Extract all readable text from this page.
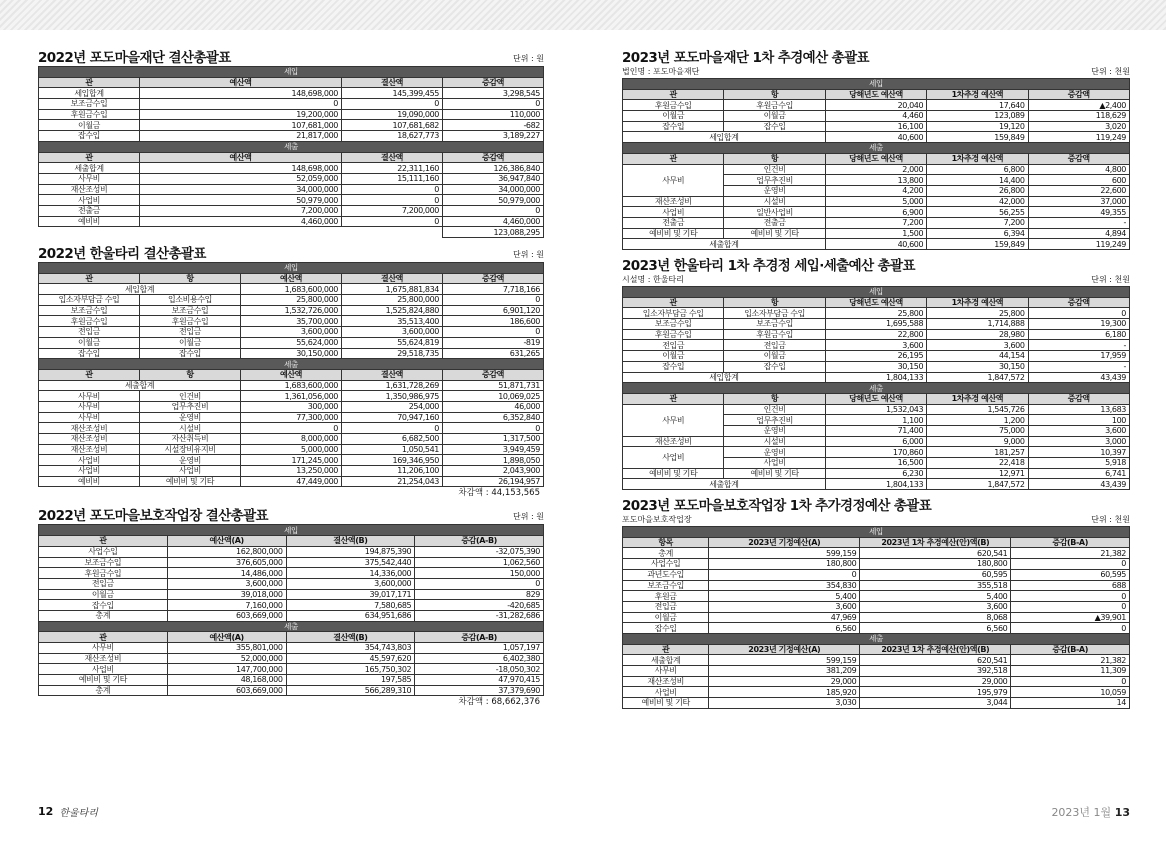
2022년 포도마을재단 결산총괄표	단위 : 원
세입			
관	예산액	결산액	증감액
세입합계	148,698,000	145,399,455	3,298,545
보조금수입	0	0	0
후원금수입	19,200,000	19,090,000	110,000
이월금	107,681,000	107,681,682	-682
잡수입	21,817,000	18,627,773	3,189,227
세출			
관	예산액	결산액	증감액
세출합계	148,698,000	22,311,160	126,386,840
사무비	52,059,000	15,111,160	36,947,840
재산조성비	34,000,000	0	34,000,000
사업비	50,979,000	0	50,979,000
전출금	7,200,000	7,200,000	0
예비비	4,460,000	0	4,460,000
			123,088,295
2022년 한울타리 결산총괄표	단위 : 원
세입				
관	항	예산액	결산액	증감액
세입합계		1,683,600,000	1,675,881,834	7,718,166
입소자부담금 수입	입소비용수입	25,800,000	25,800,000	0
보조금수입	보조금수입	1,532,726,000	1,525,824,880	6,901,120
후원금수입	후원금수입	35,700,000	35,513,400	186,600
전입금	전입금	3,600,000	3,600,000	0
이월금	이월금	55,624,000	55,624,819	-819
잡수입	잡수입	30,150,000	29,518,735	631,265
세출				
관	항	예산액	결산액	증감액
세출합계		1,683,600,000	1,631,728,269	51,871,731
사무비	인건비	1,361,056,000	1,350,986,975	10,069,025
사무비	업무추진비	300,000	254,000	46,000
사무비	운영비	77,300,000	70,947,160	6,352,840
재산조성비	시설비	0	0	0
재산조성비	자산취득비	8,000,000	6,682,500	1,317,500
재산조성비	시설장비유지비	5,000,000	1,050,541	3,949,459
사업비	운영비	171,245,000	169,346,950	1,898,050
사업비	사업비	13,250,000	11,206,100	2,043,900
예비비	예비비 및 기타	47,449,000	21,254,043	26,194,957
차감액 : 44,153,565
2022년 포도마을보호작업장 결산총괄표	단위 : 원
세입			
관	예산액(A)	결산액(B)	증감(A-B)
사업수입	162,800,000	194,875,390	-32,075,390
보조금수입	376,605,000	375,542,440	1,062,560
후원금수입	14,486,000	14,336,000	150,000
전입금	3,600,000	3,600,000	0
이월금	39,018,000	39,017,171	829
잡수입	7,160,000	7,580,685	-420,685
총계	603,669,000	634,951,686	-31,282,686
세출			
관	예산액(A)	결산액(B)	증감(A-B)
사무비	355,801,000	354,743,803	1,057,197
재산조성비	52,000,000	45,597,620	6,402,380
사업비	147,700,000	165,750,302	-18,050,302
예비비 및 기타	48,168,000	197,585	47,970,415
총계	603,669,000	566,289,310	37,379,690
차감액 : 68,662,376
2023년 포도마을재단 1차 추경예산 총괄표
법인명 : 포도마을재단	단위 : 천원
세입				
관	항	당해년도 예산액	1차추경 예산액	증감액
후원금수입	후원금수입	20,040	17,640	▲2,400
이월금	이월금	4,460	123,089	118,629
잡수입	잡수입	16,100	19,120	3,020
세입합계		40,600	159,849	119,249
세출				
관	항	당해년도 예산액	1차추경 예산액	증감액
사무비	인건비	2,000	6,800	4,800
	업무추진비	13,800	14,400	600
	운영비	4,200	26,800	22,600
재산조성비	시설비	5,000	42,000	37,000
사업비	일반사업비	6,900	56,255	49,355
전출금	전출금	7,200	7,200	-
예비비 및 기타	예비비 및 기타	1,500	6,394	4,894
세출합계		40,600	159,849	119,249
2023년 한울타리 1차 추경정 세입·세출예산 총괄표
시설명 : 한울타리	단위 : 천원
세입				
관	항	당해년도 예산액	1차추경 예산액	증감액
입소자부담금 수입	입소자부담금 수입	25,800	25,800	0
보조금수입	보조금수입	1,695,588	1,714,888	19,300
후원금수입	후원금수입	22,800	28,980	6,180
전입금	전입금	3,600	3,600	-
이월금	이월금	26,195	44,154	17,959
잡수입	잡수입	30,150	30,150	-
세입합계		1,804,133	1,847,572	43,439
세출				
관	항	당해년도 예산액	1차추경 예산액	증감액
사무비	인건비	1,532,043	1,545,726	13,683
	업무추진비	1,100	1,200	100
	운영비	71,400	75,000	3,600
재산조성비	시설비	6,000	9,000	3,000
사업비	운영비	170,860	181,257	10,397
	사업비	16,500	22,418	5,918
예비비 및 기타	예비비 및 기타	6,230	12,971	6,741
세출합계		1,804,133	1,847,572	43,439
2023년 포도마을보호작업장 1차 추가경정예산 총괄표
포도마을보호작업장	단위 : 천원
세입			
항목	2023년 기정예산(A)	2023년 1차 추경예산(안)액(B)	증감(B-A)
총계	599,159	620,541	21,382
사업수입	180,800	180,800	0
과년도수입	0	60,595	60,595
보조금수입	354,830	355,518	688
후원금	5,400	5,400	0
전입금	3,600	3,600	0
이월금	47,969	8,068	▲39,901
잡수입	6,560	6,560	0
세출			
관	2023년 기정예산(A)	2023년 1차 추경예산(안)액(B)	증감(B-A)
세출합계	599,159	620,541	21,382
사무비	381,209	392,518	11,309
재산조성비	29,000	29,000	0
사업비	185,920	195,979	10,059
예비비 및 기타	3,030	3,044	14
12 한울타리	2023년 1월 13
